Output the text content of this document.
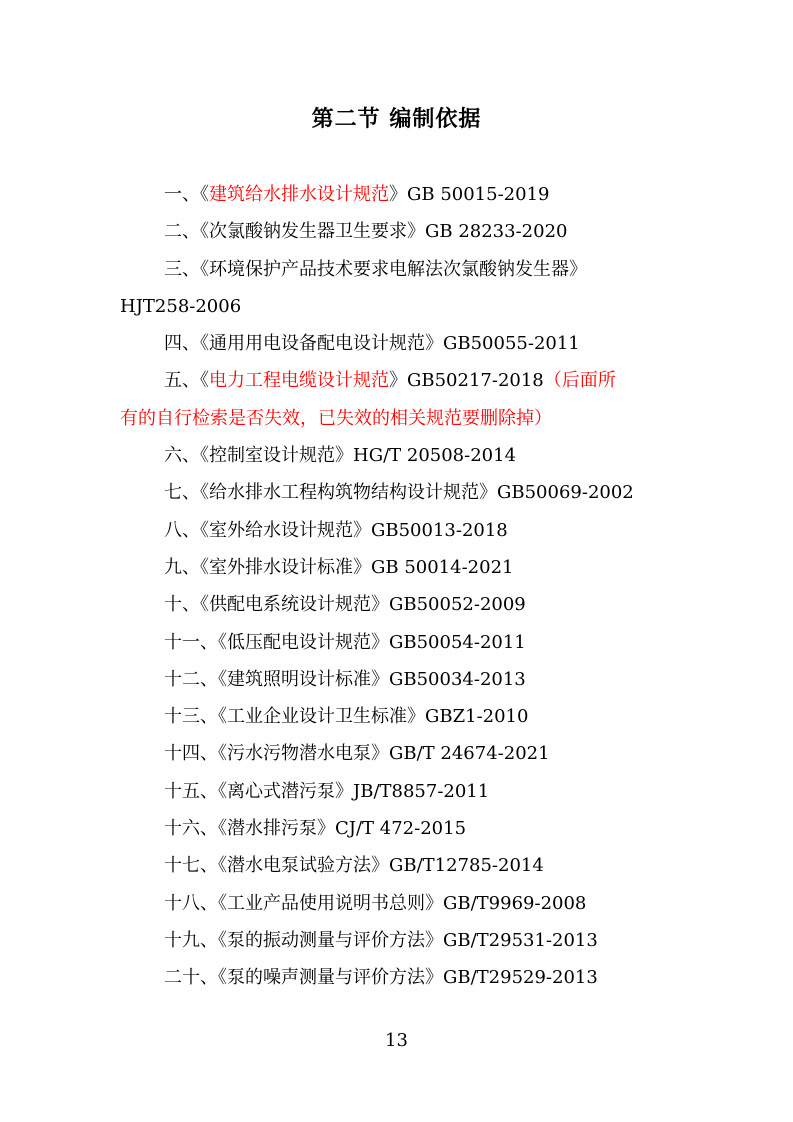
第二节 编制依据
一、《建筑给水排水设计规范》GB 50015-2019
二、《次氯酸钠发生器卫生要求》GB 28233-2020
三、《环境保护产品技术要求电解法次氯酸钠发生器》
HJT258-2006
四、《通用用电设备配电设计规范》GB50055-2011
五、《电力工程电缆设计规范》GB50217-2018（后面所
有的自行检索是否失效，已失效的相关规范要删除掉）
六、《控制室设计规范》HG/T 20508-2014
七、《给水排水工程构筑物结构设计规范》GB50069-2002
八、《室外给水设计规范》GB50013-2018
九、《室外排水设计标准》GB 50014-2021
十、《供配电系统设计规范》GB50052-2009
十一、《低压配电设计规范》GB50054-2011
十二、《建筑照明设计标准》GB50034-2013
十三、《工业企业设计卫生标准》GBZ1-2010
十四、《污水污物潜水电泵》GB/T 24674-2021
十五、《离心式潜污泵》JB/T8857-2011
十六、《潜水排污泵》CJ/T 472-2015
十七、《潜水电泵试验方法》GB/T12785-2014
十八、《工业产品使用说明书总则》GB/T9969-2008
十九、《泵的振动测量与评价方法》GB/T29531-2013
二十、《泵的噪声测量与评价方法》GB/T29529-2013
13
